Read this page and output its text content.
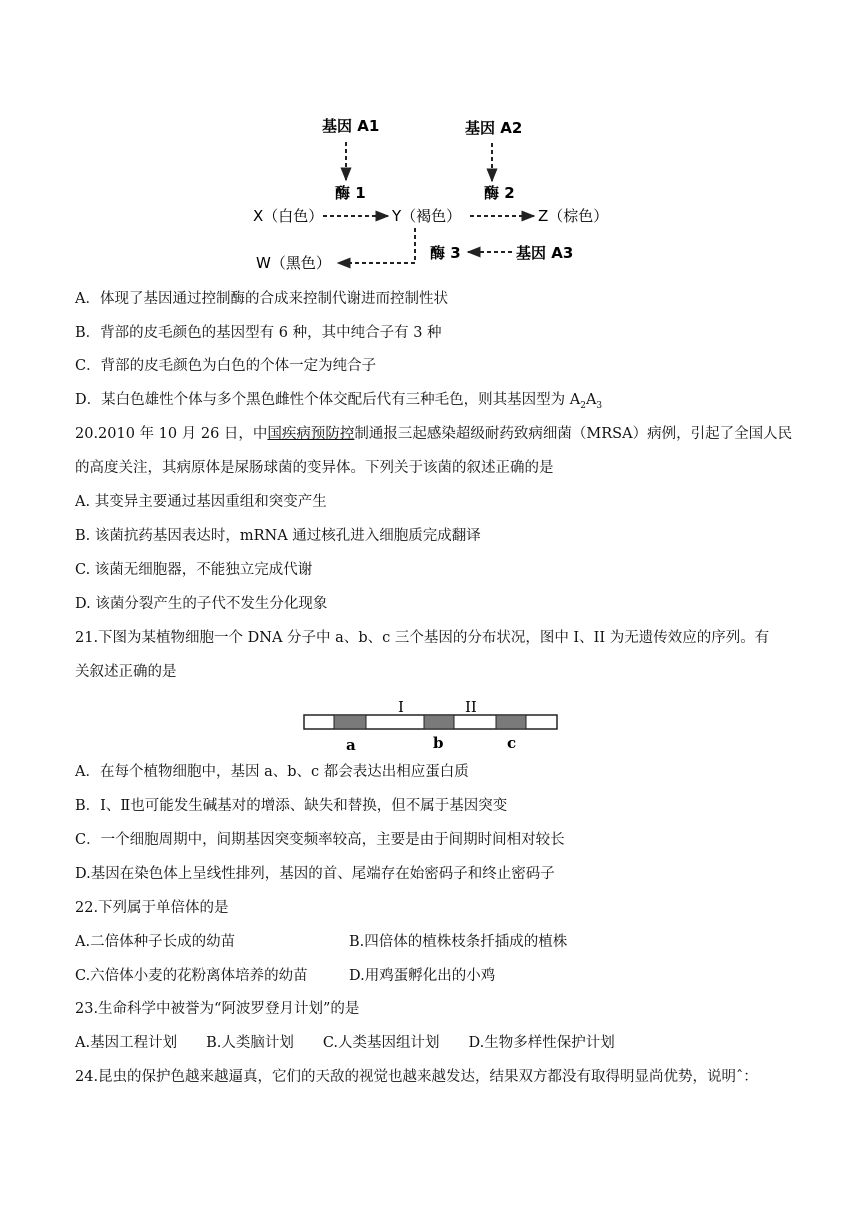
基因 A1	基因 A2
酶 1	酶 2
X（白色）	Y（褐色）	Z（棕色）
W（黑色）
酶 3	基因 A3
A．体现了基因通过控制酶的合成来控制代谢进而控制性状
B．背部的皮毛颜色的基因型有 6 种，其中纯合子有 3 种
C．背部的皮毛颜色为白色的个体一定为纯合子
D．某白色雄性个体与多个黑色雌性个体交配后代有三种毛色，则其基因型为 $A_2A_3$
20.2010 年 10 月 26 日，中国疾病预防控制通报三起感染超级耐药致病细菌（MRSA）病例，引起了全国人民
的高度关注，其病原体是屎肠球菌的变异体。下列关于该菌的叙述正确的是
A. 其变异主要通过基因重组和突变产生
B. 该菌抗药基因表达时，mRNA 通过核孔进入细胞质完成翻译
C. 该菌无细胞器，不能独立完成代谢
D. 该菌分裂产生的子代不发生分化现象
21.下图为某植物细胞一个 DNA 分子中 a、b、c 三个基因的分布状况，图中 Ⅰ、II 为无遗传效应的序列。有
关叙述正确的是
I	II
a	b	c
A．在每个植物细胞中，基因 a、b、c 都会表达出相应蛋白质
B．Ⅰ、Ⅱ也可能发生碱基对的增添、缺失和替换，但不属于基因突变
C．一个细胞周期中，间期基因突变频率较高，主要是由于间期时间相对较长
D.基因在染色体上呈线性排列，基因的首、尾端存在始密码子和终止密码子
22.下列属于单倍体的是
A.二倍体种子长成的幼苗	B.四倍体的植株枝条扦插成的植株
C.六倍体小麦的花粉离体培养的幼苗	D.用鸡蛋孵化出的小鸡
23.生命科学中被誉为“阿波罗登月计划”的是
A.基因工程计划　　B.人类脑计划　　C.人类基因组计划　　D.生物多样性保护计划
24.昆虫的保护色越来越逼真，它们的天敌的视觉也越来越发达，结果双方都没有取得明显尚优势，说明ˆ：
